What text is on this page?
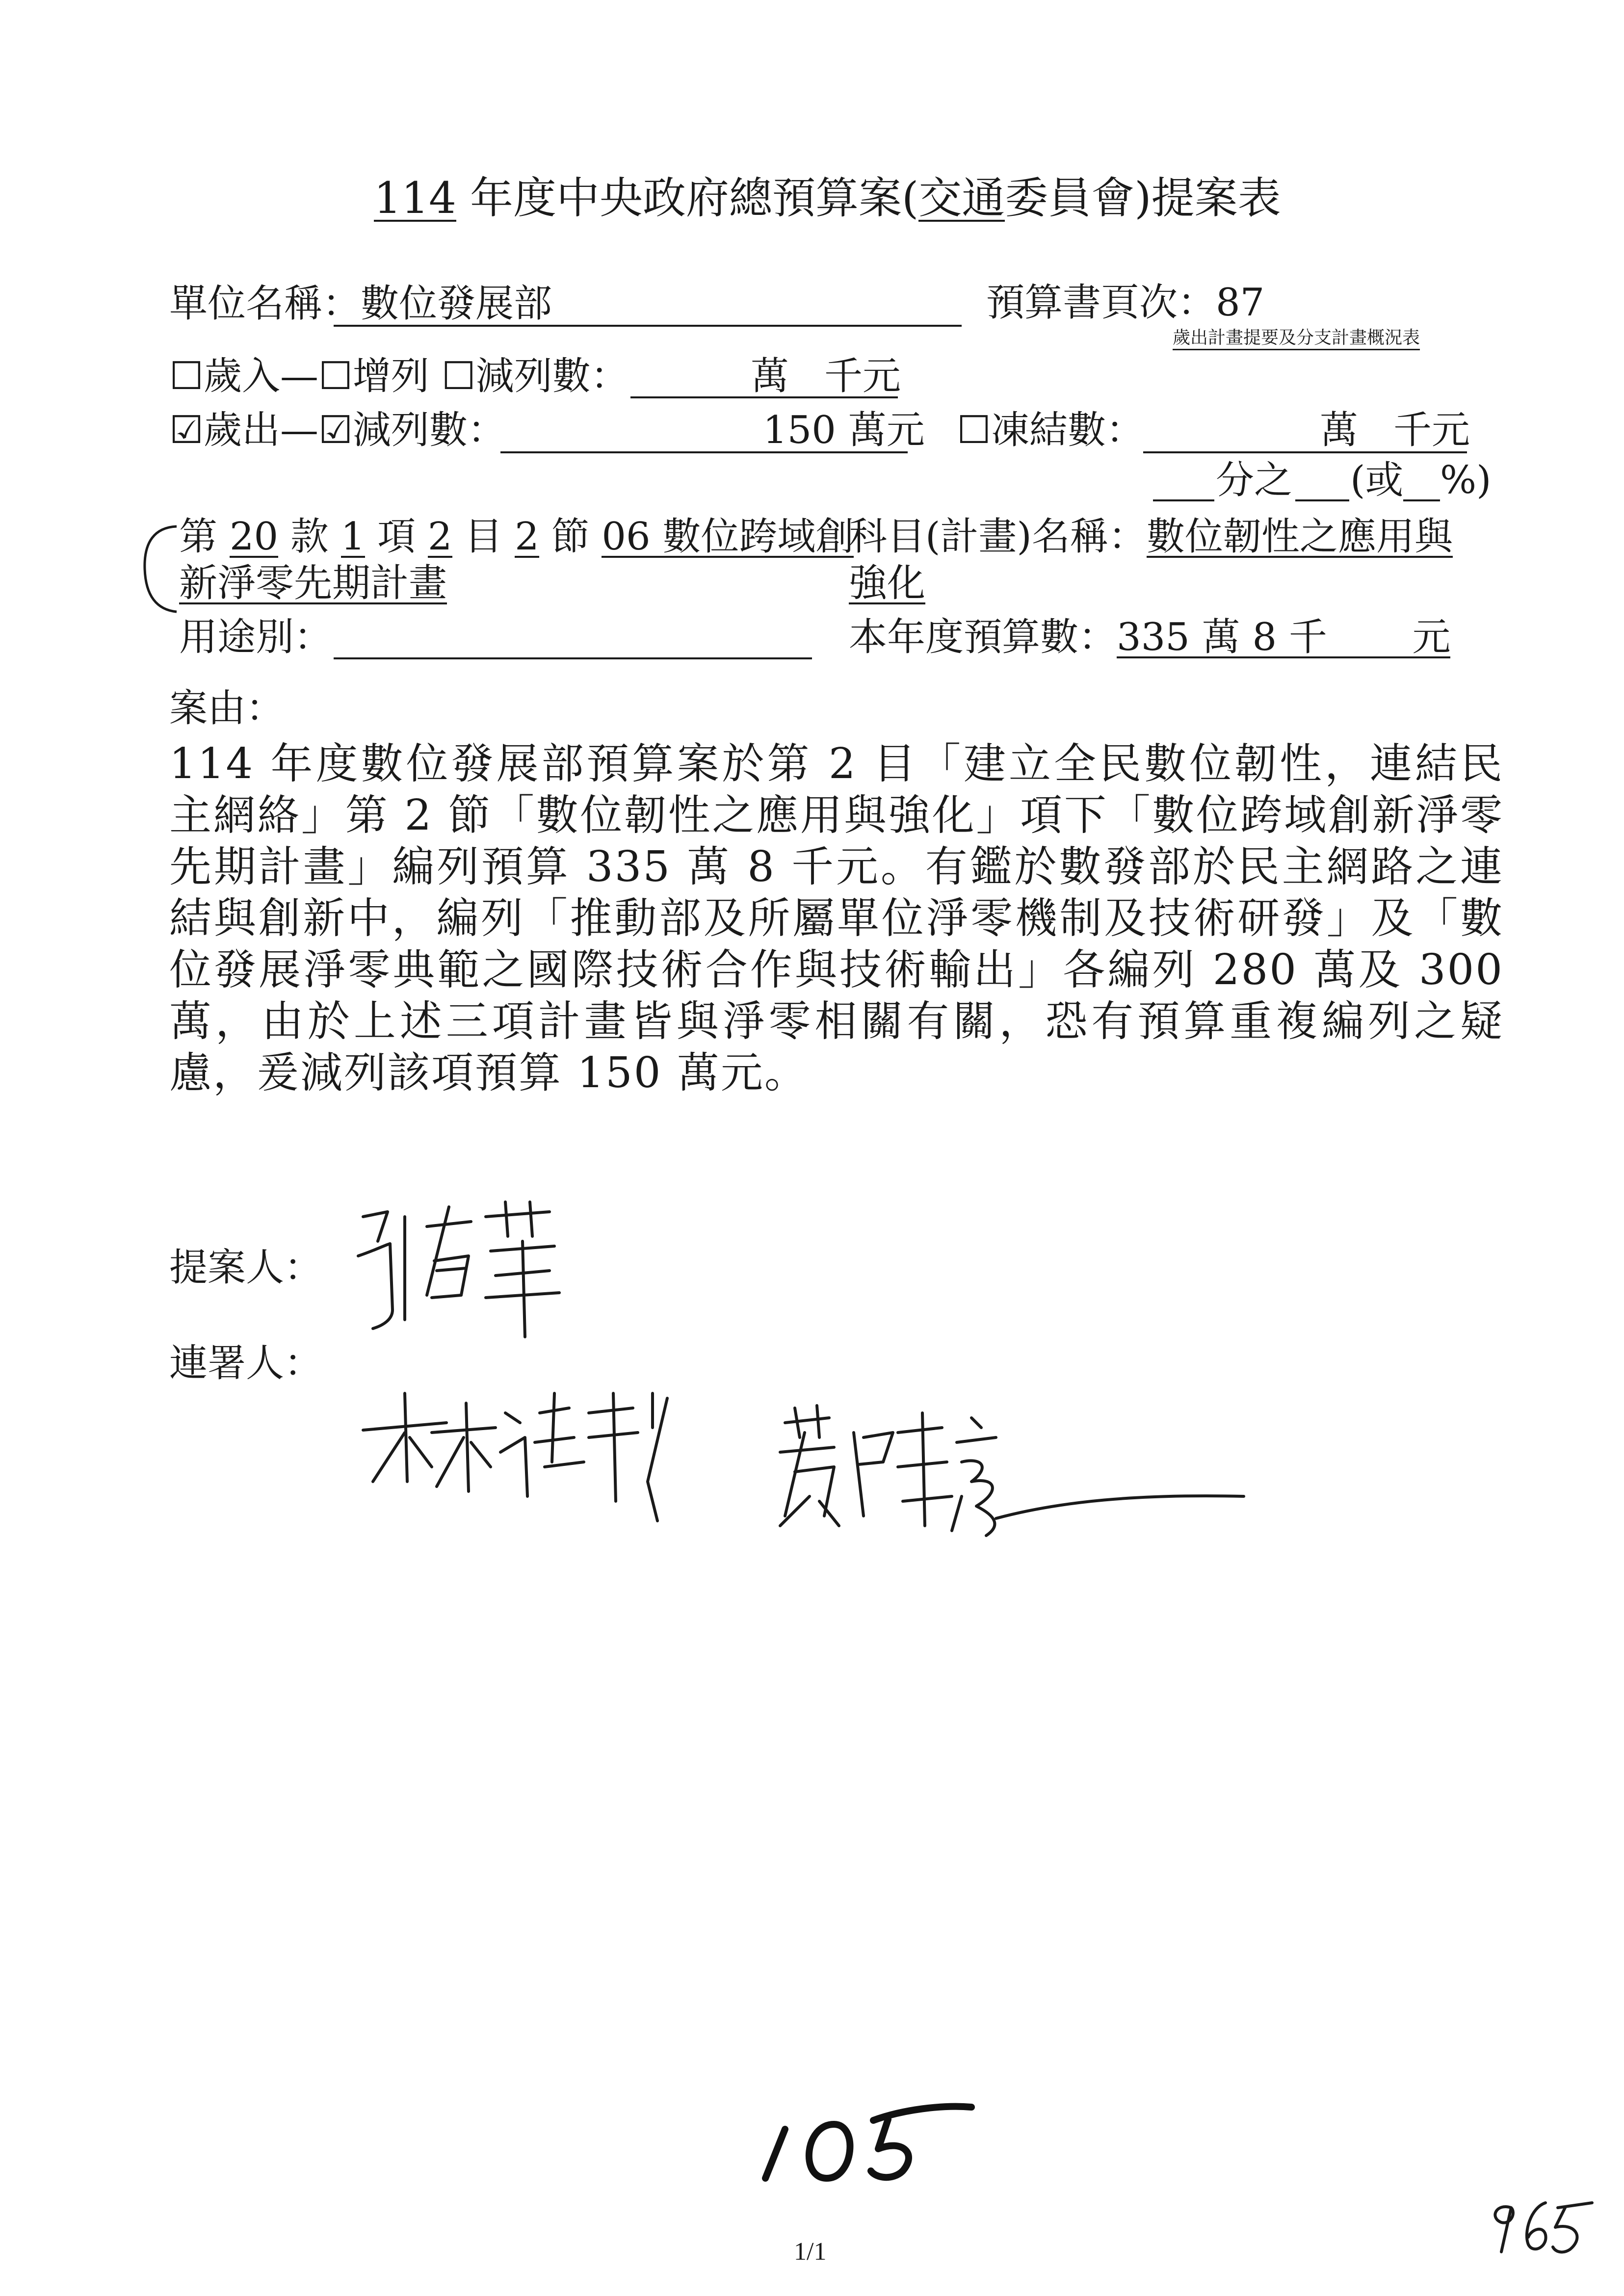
114 年度中央政府總預算案(交通委員會)提案表
單位名稱：數位發展部	預算書頁次：87
歲出計畫提要及分支計畫概況表
☐歲入—☐增列 ☐減列數：	萬 千元
☑歲出—☑減列數：	150 萬元 ☐凍結數：	萬 千元
分之 (或 %)
第 20 款 1 項 2 目 2 節 06 數位跨域創
新淨零先期計畫
科目(計畫)名稱：數位韌性之應用與
強化
用途別：	本年度預算數：335 萬 8 千 元
案由：
114 年度數位發展部預算案於第 2 目「建立全民數位韌性，連結民主網絡」第 2 節「數位韌性之應用與強化」項下「數位跨域創新淨零先期計畫」編列預算 335 萬 8 千元。有鑑於數發部於民主網路之連結與創新中，編列「推動部及所屬單位淨零機制及技術研發」及「數位發展淨零典範之國際技術合作與技術輸出」各編列 280 萬及 300 萬，由於上述三項計畫皆與淨零相關有關，恐有預算重複編列之疑慮，爰減列該項預算 150 萬元。
提案人：
連署人：
1/1
